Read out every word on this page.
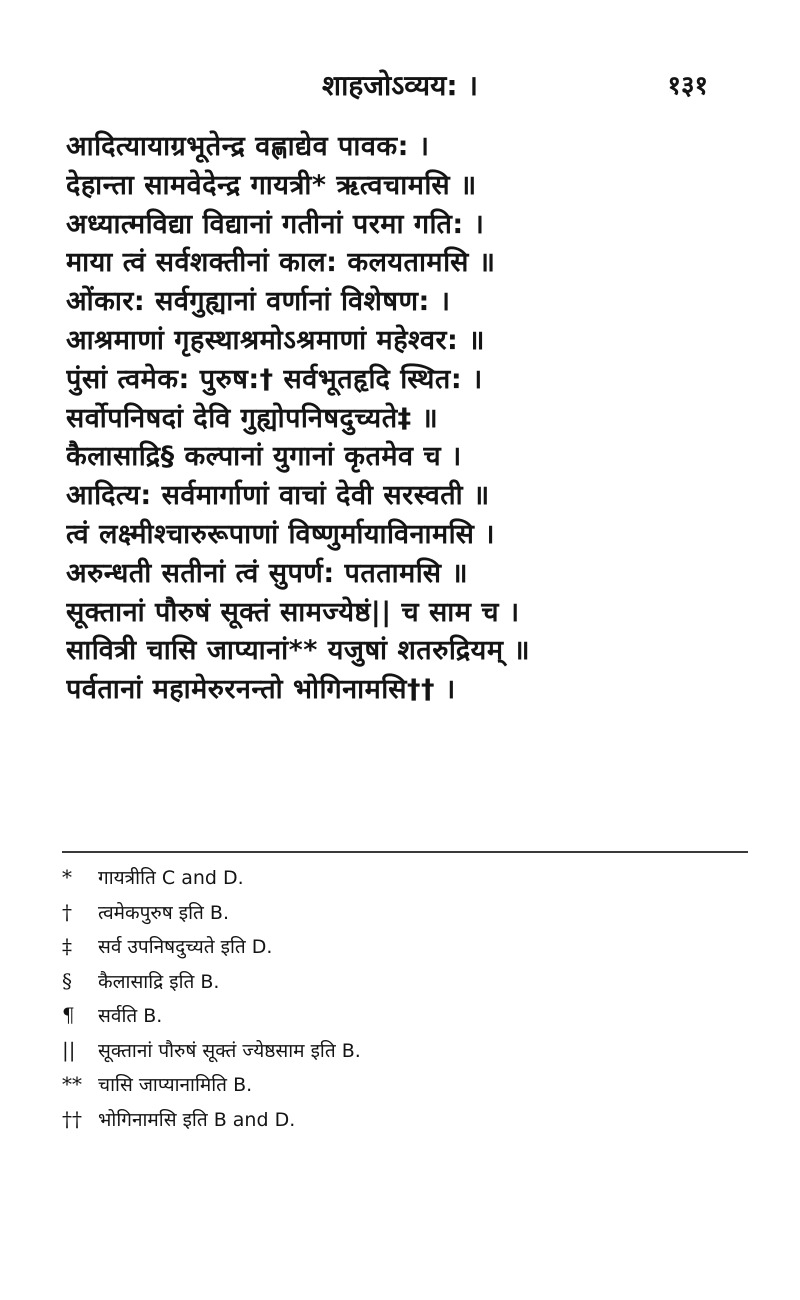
शाहजोऽव्यय: ।	१३१
आदित्यायाग्रभूतेन्द्र वह्णाद्येव पावक: ।
देहान्ता सामवेदेन्द्र गायत्री* ऋत्वचामसि ॥
अध्यात्मविद्या विद्यानां गतीनां परमा गति: ।
माया त्वं सर्वशक्तीनां काल: कलयतामसि ॥
ओंकार: सर्वगुह्यानां वर्णानां विशेषण: ।
आश्रमाणां गृहस्थाश्रमोऽश्रमाणां महेश्वर: ॥
पुंसां त्वमेक: पुरुष:† सर्वभूतहृदि स्थित: ।
सर्वोपनिषदां देवि गुह्योपनिषदुच्यते‡ ॥
कैलासाद्रि§ कल्पानां युगानां कृतमेव च ।
आदित्य: सर्वमार्गाणां वाचां देवी सरस्वती ॥
त्वं लक्ष्मीश्चारुरूपाणां विष्णुर्मायाविनामसि ।
अरुन्धती सतीनां त्वं सुपर्ण: पततामसि ॥
सूक्तानां पौरुषं सूक्तं सामज्येष्ठं|| च साम च ।
सावित्री चासि जाप्यानां** यजुषां शतरुद्रियम् ॥
पर्वतानां महामेरुरनन्तो भोगिनामसि†† ।
* गायत्रीति C and D.
† त्वमेकपुरुष इति B.
‡ सर्व उपनिषदुच्यते इति D.
§ कैलासाद्रि इति B.
¶ सर्वति B.
|| सूक्तानां पौरुषं सूक्तं ज्येष्ठसाम इति B.
** चासि जाप्यानामिति B.
†† भोगिनामसि इति B and D.
